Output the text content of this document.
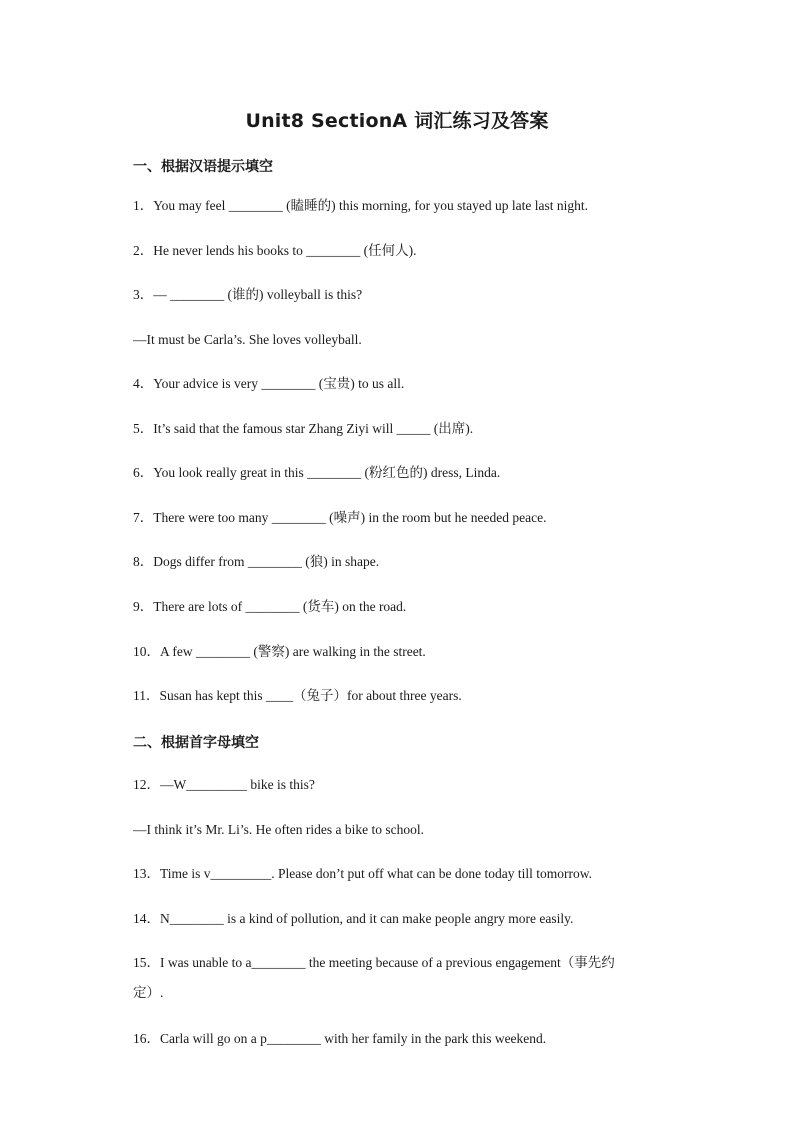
Unit8 SectionA 词汇练习及答案
一、根据汉语提示填空
1．You may feel ________ (瞌睡的) this morning, for you stayed up late last night.
2．He never lends his books to ________ (任何人).
3．— ________ (谁的) volleyball is this?
—It must be Carla’s. She loves volleyball.
4．Your advice is very ________ (宝贵) to us all.
5．It’s said that the famous star Zhang Ziyi will _____ (出席).
6．You look really great in this ________ (粉红色的) dress, Linda.
7．There were too many ________ (噪声) in the room but he needed peace.
8．Dogs differ from ________ (狼) in shape.
9．There are lots of ________ (货车) on the road.
10．A few ________ (警察) are walking in the street.
11．Susan has kept this ____（兔子）for about three years.
二、根据首字母填空
12．—W_________ bike is this?
—I think it’s Mr. Li’s. He often rides a bike to school.
13．Time is v_________. Please don’t put off what can be done today till tomorrow.
14．N________ is a kind of pollution, and it can make people angry more easily.
15．I was unable to a________ the meeting because of a previous engagement（事先约定）.
16．Carla will go on a p________ with her family in the park this weekend.
